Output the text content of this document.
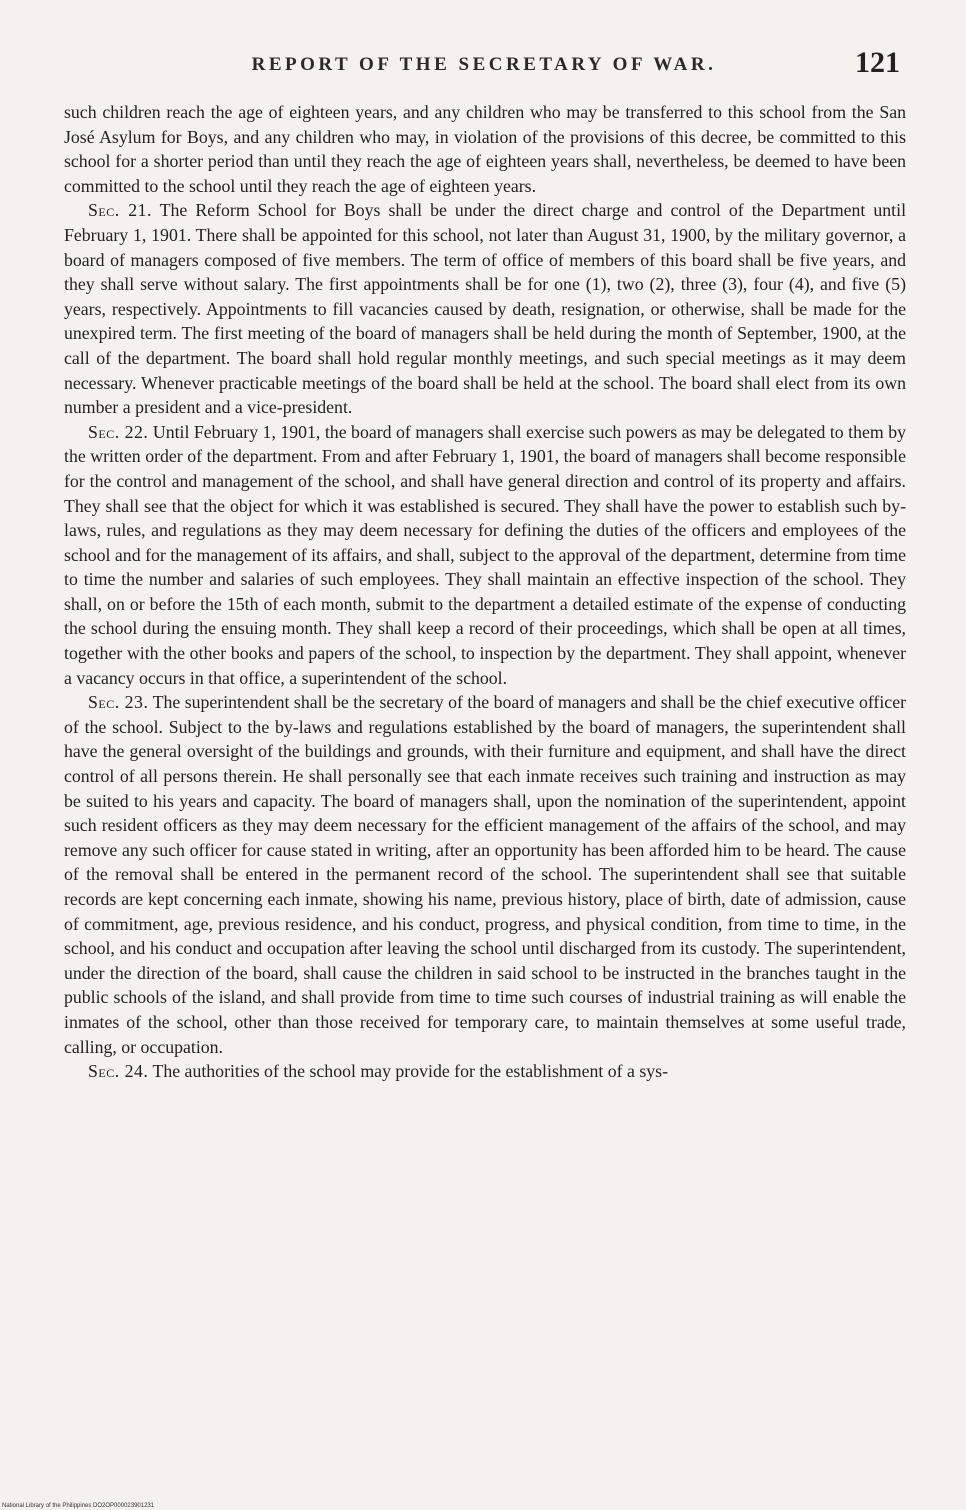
REPORT OF THE SECRETARY OF WAR.	121

such children reach the age of eighteen years, and any children who may be transferred to this school from the San José Asylum for Boys, and any children who may, in violation of the provisions of this decree, be committed to this school for a shorter period than until they reach the age of eighteen years shall, nevertheless, be deemed to have been committed to the school until they reach the age of eighteen years.

Sec. 21. The Reform School for Boys shall be under the direct charge and control of the Department until February 1, 1901. There shall be appointed for this school, not later than August 31, 1900, by the military governor, a board of managers composed of five members. The term of office of members of this board shall be five years, and they shall serve without salary. The first appointments shall be for one (1), two (2), three (3), four (4), and five (5) years, respectively. Appointments to fill vacancies caused by death, resignation, or otherwise, shall be made for the unexpired term. The first meeting of the board of managers shall be held during the month of September, 1900, at the call of the department. The board shall hold regular monthly meetings, and such special meetings as it may deem necessary. Whenever practicable meetings of the board shall be held at the school. The board shall elect from its own number a president and a vice-president.

Sec. 22. Until February 1, 1901, the board of managers shall exercise such powers as may be delegated to them by the written order of the department. From and after February 1, 1901, the board of managers shall become responsible for the control and management of the school, and shall have general direction and control of its property and affairs. They shall see that the object for which it was established is secured. They shall have the power to establish such by-laws, rules, and regulations as they may deem necessary for defining the duties of the officers and employees of the school and for the management of its affairs, and shall, subject to the approval of the department, determine from time to time the number and salaries of such employees. They shall maintain an effective inspection of the school. They shall, on or before the 15th of each month, submit to the department a detailed estimate of the expense of conducting the school during the ensuing month. They shall keep a record of their proceedings, which shall be open at all times, together with the other books and papers of the school, to inspection by the department. They shall appoint, whenever a vacancy occurs in that office, a superintendent of the school.

Sec. 23. The superintendent shall be the secretary of the board of managers and shall be the chief executive officer of the school. Subject to the by-laws and regulations established by the board of managers, the superintendent shall have the general oversight of the buildings and grounds, with their furniture and equipment, and shall have the direct control of all persons therein. He shall personally see that each inmate receives such training and instruction as may be suited to his years and capacity. The board of managers shall, upon the nomination of the superintendent, appoint such resident officers as they may deem necessary for the efficient management of the affairs of the school, and may remove any such officer for cause stated in writing, after an opportunity has been afforded him to be heard. The cause of the removal shall be entered in the permanent record of the school. The superintendent shall see that suitable records are kept concerning each inmate, showing his name, previous history, place of birth, date of admission, cause of commitment, age, previous residence, and his conduct, progress, and physical condition, from time to time, in the school, and his conduct and occupation after leaving the school until discharged from its custody. The superintendent, under the direction of the board, shall cause the children in said school to be instructed in the branches taught in the public schools of the island, and shall provide from time to time such courses of industrial training as will enable the inmates of the school, other than those received for temporary care, to maintain themselves at some useful trade, calling, or occupation.

Sec. 24. The authorities of the school may provide for the establishment of a sys-

National Library of the Philippines DO2OP000023901231
